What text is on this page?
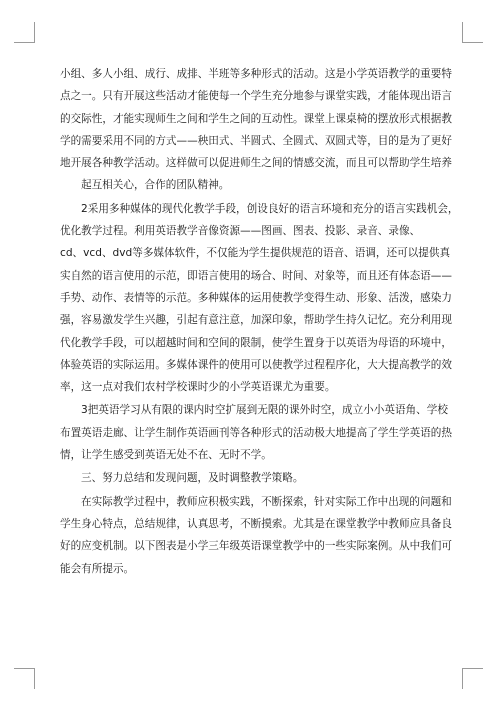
小组、多人小组、成行、成排、半班等多种形式的活动。这是小学英语教学的重要特

点之一。只有开展这些活动才能使每一个学生充分地参与课堂实践，才能体现出语言

的交际性，才能实现师生之间和学生之间的互动性。课堂上课桌椅的摆放形式根据教

学的需要采用不同的方式——秧田式、半圆式、全圆式、双圆式等，目的是为了更好

地开展各种教学活动。这样做可以促进师生之间的情感交流，而且可以帮助学生培养

起互相关心，合作的团队精神。

2采用多种媒体的现代化教学手段，创设良好的语言环境和充分的语言实践机会，

优化教学过程。利用英语教学音像资源——图画、图表、投影、录音、录像、

cd、vcd、dvd等多媒体软件，不仅能为学生提供规范的语音、语调，还可以提供真

实自然的语言使用的示范，即语言使用的场合、时间、对象等，而且还有体态语——

手势、动作、表情等的示范。多种媒体的运用使教学变得生动、形象、活泼，感染力

强，容易激发学生兴趣，引起有意注意，加深印象，帮助学生持久记忆。充分利用现

代化教学手段，可以超越时间和空间的限制，使学生置身于以英语为母语的环境中，

体验英语的实际运用。多媒体课件的使用可以使教学过程程序化，大大提高教学的效

率，这一点对我们农村学校课时少的小学英语课尤为重要。

3把英语学习从有限的课内时空扩展到无限的课外时空，成立小小英语角、学校

布置英语走廊、让学生制作英语画刊等各种形式的活动极大地提高了学生学英语的热

情，让学生感受到英语无处不在、无时不学。

三、努力总结和发现问题，及时调整教学策略。

在实际教学过程中，教师应积极实践，不断探索，针对实际工作中出现的问题和

学生身心特点，总结规律，认真思考，不断摸索。尤其是在课堂教学中教师应具备良

好的应变机制。以下图表是小学三年级英语课堂教学中的一些实际案例。从中我们可

能会有所提示。
